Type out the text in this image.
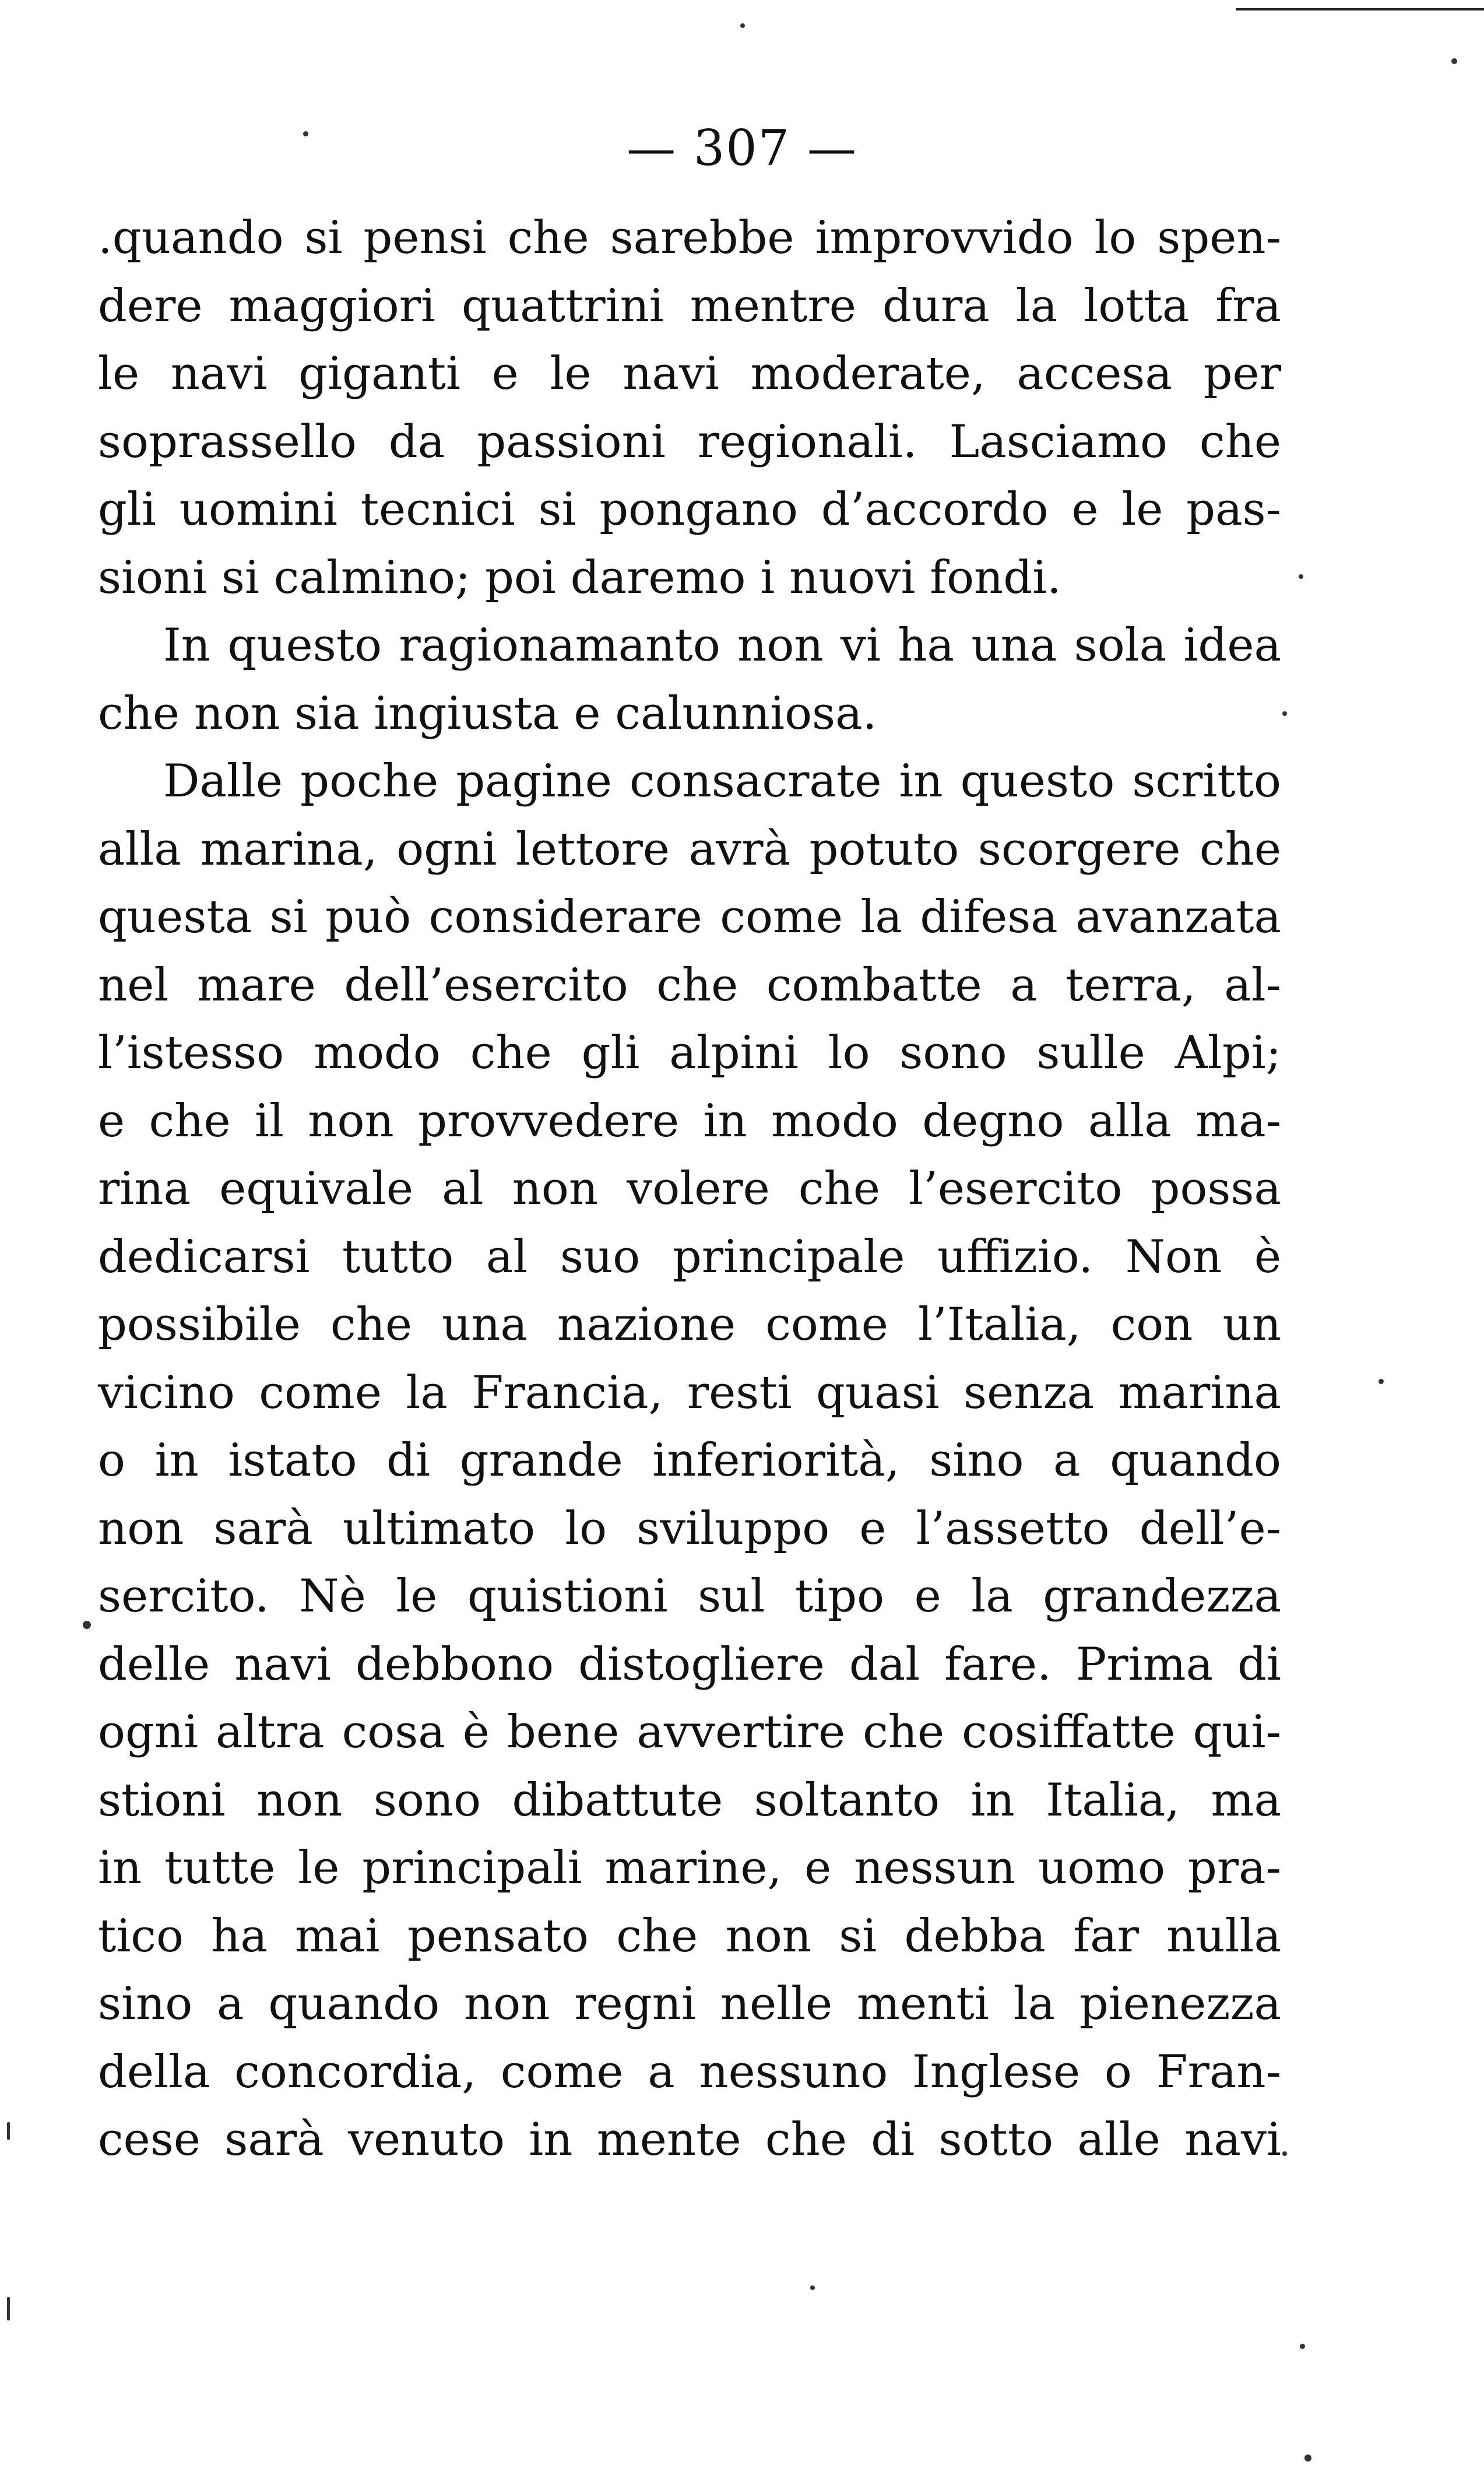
— 307 —
.quando si pensi che sarebbe improvvido lo spen-
dere maggiori quattrini mentre dura la lotta fra
le navi giganti e le navi moderate, accesa per
soprassello da passioni regionali. Lasciamo che
gli uomini tecnici si pongano d’accordo e le pas-
sioni si calmino; poi daremo i nuovi fondi.
In questo ragionamanto non vi ha una sola idea
che non sia ingiusta e calunniosa.
Dalle poche pagine consacrate in questo scritto
alla marina, ogni lettore avrà potuto scorgere che
questa si può considerare come la difesa avanzata
nel mare dell’esercito che combatte a terra, al-
l’istesso modo che gli alpini lo sono sulle Alpi;
e che il non provvedere in modo degno alla ma-
rina equivale al non volere che l’esercito possa
dedicarsi tutto al suo principale uffizio. Non è
possibile che una nazione come l’Italia, con un
vicino come la Francia, resti quasi senza marina
o in istato di grande inferiorità, sino a quando
non sarà ultimato lo sviluppo e l’assetto dell’e-
sercito. Nè le quistioni sul tipo e la grandezza
delle navi debbono distogliere dal fare. Prima di
ogni altra cosa è bene avvertire che cosiffatte qui-
stioni non sono dibattute soltanto in Italia, ma
in tutte le principali marine, e nessun uomo pra-
tico ha mai pensato che non si debba far nulla
sino a quando non regni nelle menti la pienezza
della concordia, come a nessuno Inglese o Fran-
cese sarà venuto in mente che di sotto alle navi
